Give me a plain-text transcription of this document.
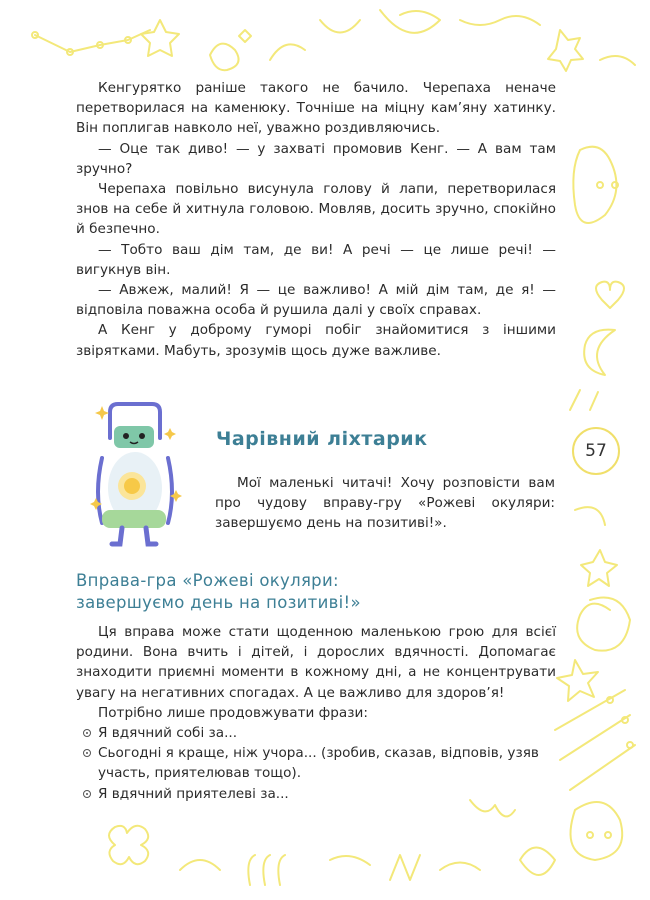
Кенгурятко раніше такого не бачило. Черепаха неначе перетворилася на каменюку. Точніше на міцну кам’яну хатинку. Він поплигав навколо неї, уважно роздивляючись.

— Оце так диво! — у захваті промовив Кенг. — А вам там зручно?

Черепаха повільно висунула голову й лапи, перетворилася знов на себе й хитнула головою. Мовляв, досить зручно, спокійно й безпечно.

— Тобто ваш дім там, де ви! А речі — це лише речі! — вигукнув він.

— Авжеж, малий! Я — це важливо! А мій дім там, де я! — відповіла поважна особа й рушила далі у своїх справах.

А Кенг у доброму гуморі побіг знайомитися з іншими звірятками. Мабуть, зрозумів щось дуже важливе.

Чарівний ліхтарик
57

Мої маленькі читачі! Хочу розповісти вам про чудову вправу-гру «Рожеві окуляри: завершуємо день на позитиві!».

Вправа-гра «Рожеві окуляри:
завершуємо день на позитиві!»

Ця вправа може стати щоденною маленькою грою для всієї родини. Вона вчить і дітей, і дорослих вдячності. Допомагає знаходити приємні моменти в кожному дні, а не концентрувати увагу на негативних спогадах. А це важливо для здоров’я!

Потрібно лише продовжувати фрази:

Я вдячний собі за...
Сьогодні я краще, ніж учора... (зробив, сказав, відповів, узяв участь, приятелював тощо).
Я вдячний приятелеві за...
